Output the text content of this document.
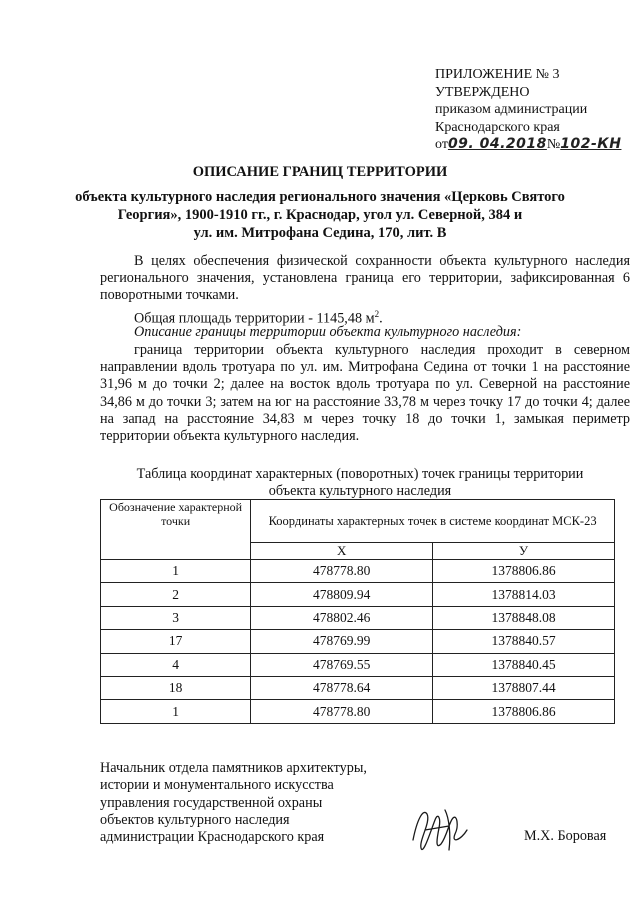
ПРИЛОЖЕНИЕ № 3
УТВЕРЖДЕНО
приказом администрации
Краснодарского края
от09. 04.2018№102-КН
ОПИСАНИЕ ГРАНИЦ ТЕРРИТОРИИ
объекта культурного наследия регионального значения «Церковь Святого
Георгия», 1900-1910 гг., г. Краснодар, угол ул. Северной, 384 и
ул. им. Митрофана Седина, 170, лит. В
В целях обеспечения физической сохранности объекта культурного наследия регионального значения, установлена граница его территории, зафиксированная 6 поворотными точками.
Общая площадь территории - 1145,48 $м^2$.
Описание границы территории объекта культурного наследия:
граница территории объекта культурного наследия проходит в северном направлении вдоль тротуара по ул. им. Митрофана Седина от точки 1 на расстояние 31,96 м до точки 2; далее на восток вдоль тротуара по ул. Северной на расстояние 34,86 м до точки 3; затем на юг на расстояние 33,78 м через точку 17 до точки 4; далее на запад на расстояние 34,83 м через точку 18 до точки 1, замыкая периметр территории объекта культурного наследия.
Таблица координат характерных (поворотных) точек границы территории
объекта культурного наследия
Обозначение характерной точки	Координаты характерных точек в системе координат МСК-23	
	X	У
1	478778.80	1378806.86
2	478809.94	1378814.03
3	478802.46	1378848.08
17	478769.99	1378840.57
4	478769.55	1378840.45
18	478778.64	1378807.44
1	478778.80	1378806.86
Начальник отдела памятников архитектуры,
истории и монументального искусства
управления государственной охраны
объектов культурного наследия
администрации Краснодарского края	М.Х. Боровая
